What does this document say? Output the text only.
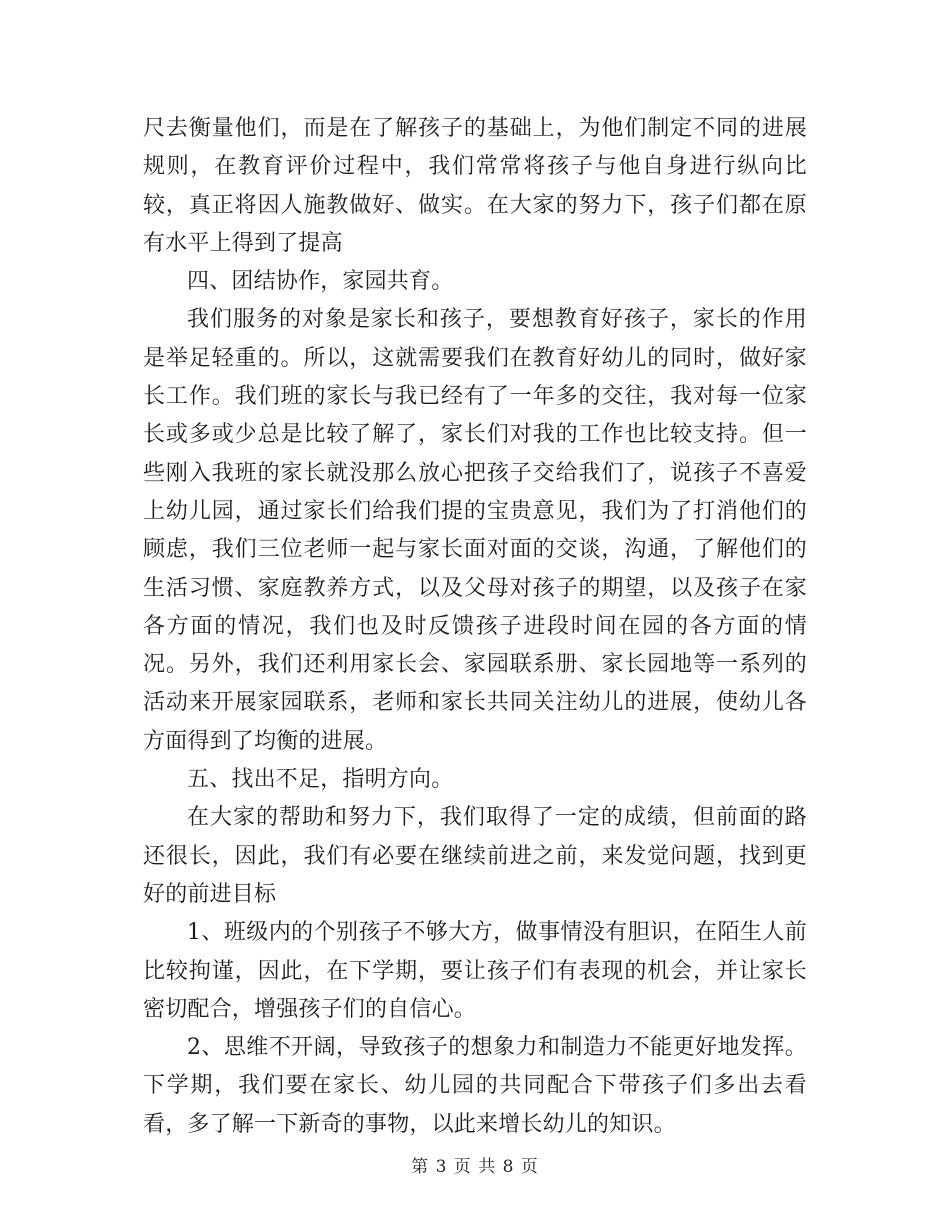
尺去衡量他们，而是在了解孩子的基础上，为他们制定不同的进展规则，在教育评价过程中，我们常常将孩子与他自身进行纵向比较，真正将因人施教做好、做实。在大家的努力下，孩子们都在原有水平上得到了提高

四、团结协作，家园共育。

我们服务的对象是家长和孩子，要想教育好孩子，家长的作用是举足轻重的。所以，这就需要我们在教育好幼儿的同时，做好家长工作。我们班的家长与我已经有了一年多的交往，我对每一位家长或多或少总是比较了解了，家长们对我的工作也比较支持。但一些刚入我班的家长就没那么放心把孩子交给我们了，说孩子不喜爱上幼儿园，通过家长们给我们提的宝贵意见，我们为了打消他们的顾虑，我们三位老师一起与家长面对面的交谈，沟通，了解他们的生活习惯、家庭教养方式，以及父母对孩子的期望，以及孩子在家各方面的情况，我们也及时反馈孩子进段时间在园的各方面的情况。另外，我们还利用家长会、家园联系册、家长园地等一系列的活动来开展家园联系，老师和家长共同关注幼儿的进展，使幼儿各方面得到了均衡的进展。

五、找出不足，指明方向。

在大家的帮助和努力下，我们取得了一定的成绩，但前面的路还很长，因此，我们有必要在继续前进之前，来发觉问题，找到更好的前进目标

1、班级内的个别孩子不够大方，做事情没有胆识，在陌生人前比较拘谨，因此，在下学期，要让孩子们有表现的机会，并让家长密切配合，增强孩子们的自信心。

2、思维不开阔，导致孩子的想象力和制造力不能更好地发挥。下学期，我们要在家长、幼儿园的共同配合下带孩子们多出去看看，多了解一下新奇的事物，以此来增长幼儿的知识。

第 3 页 共 8 页
